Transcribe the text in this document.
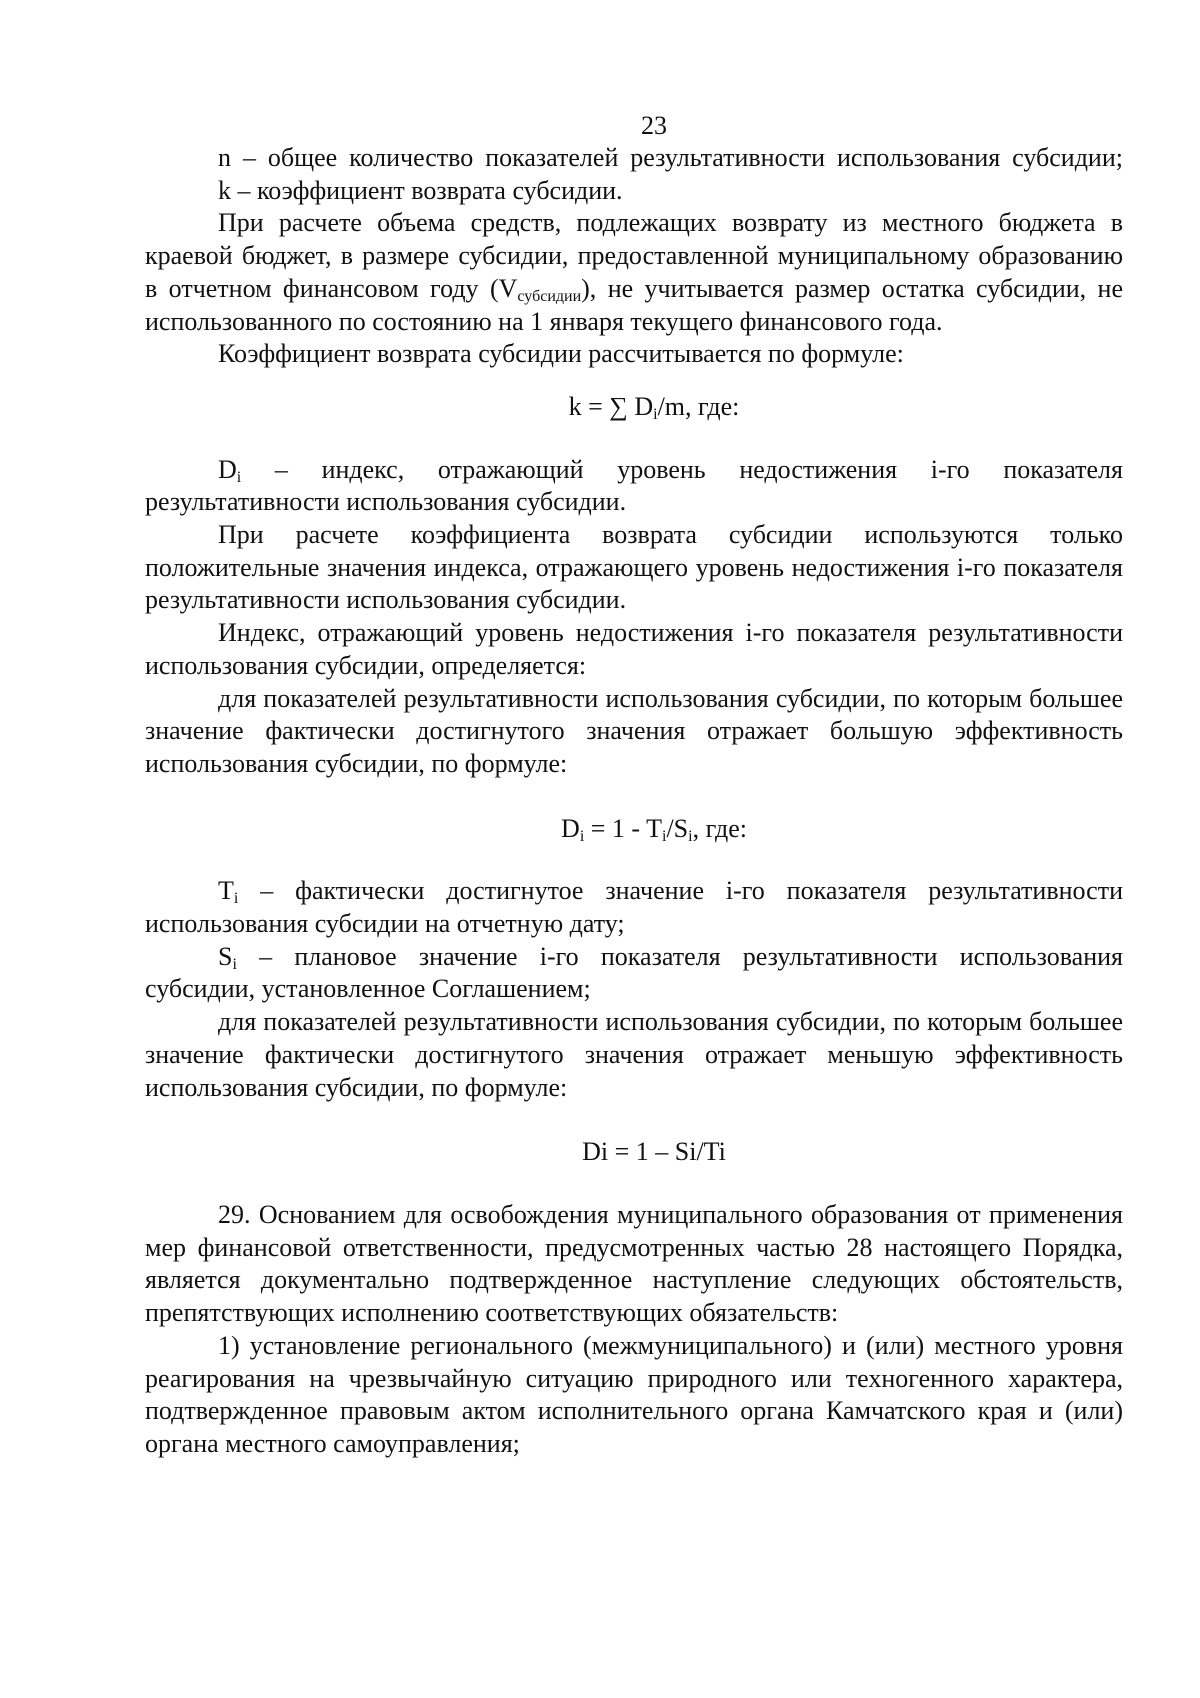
23

n – общее количество показателей результативности использования субсидии;

k – коэффициент возврата субсидии.

При расчете объема средств, подлежащих возврату из местного бюджета в краевой бюджет, в размере субсидии, предоставленной муниципальному образованию в отчетном финансовом году $(V_{субсидии})$, не учитывается размер остатка субсидии, не использованного по состоянию на 1 января текущего финансового года.

Коэффициент возврата субсидии рассчитывается по формуле:

k = ∑ $D_i/m$, где:

$D_i$ – индекс, отражающий уровень недостижения i-го показателя результативности использования субсидии.

При расчете коэффициента возврата субсидии используются только положительные значения индекса, отражающего уровень недостижения i-го показателя результативности использования субсидии.

Индекс, отражающий уровень недостижения i-го показателя результативности использования субсидии, определяется:

для показателей результативности использования субсидии, по которым большее значение фактически достигнутого значения отражает большую эффективность использования субсидии, по формуле:

$D_i = 1 - T_i/S_i$, где:

$T_i$ – фактически достигнутое значение i-го показателя результативности использования субсидии на отчетную дату;

$S_i$ – плановое значение i-го показателя результативности использования субсидии, установленное Соглашением;

для показателей результативности использования субсидии, по которым большее значение фактически достигнутого значения отражает меньшую эффективность использования субсидии, по формуле:

Di = 1 – Si/Ti

29. Основанием для освобождения муниципального образования от применения мер финансовой ответственности, предусмотренных частью 28 настоящего Порядка, является документально подтвержденное наступление следующих обстоятельств, препятствующих исполнению соответствующих обязательств:

1) установление регионального (межмуниципального) и (или) местного уровня реагирования на чрезвычайную ситуацию природного или техногенного характера, подтвержденное правовым актом исполнительного органа Камчатского края и (или) органа местного самоуправления;
